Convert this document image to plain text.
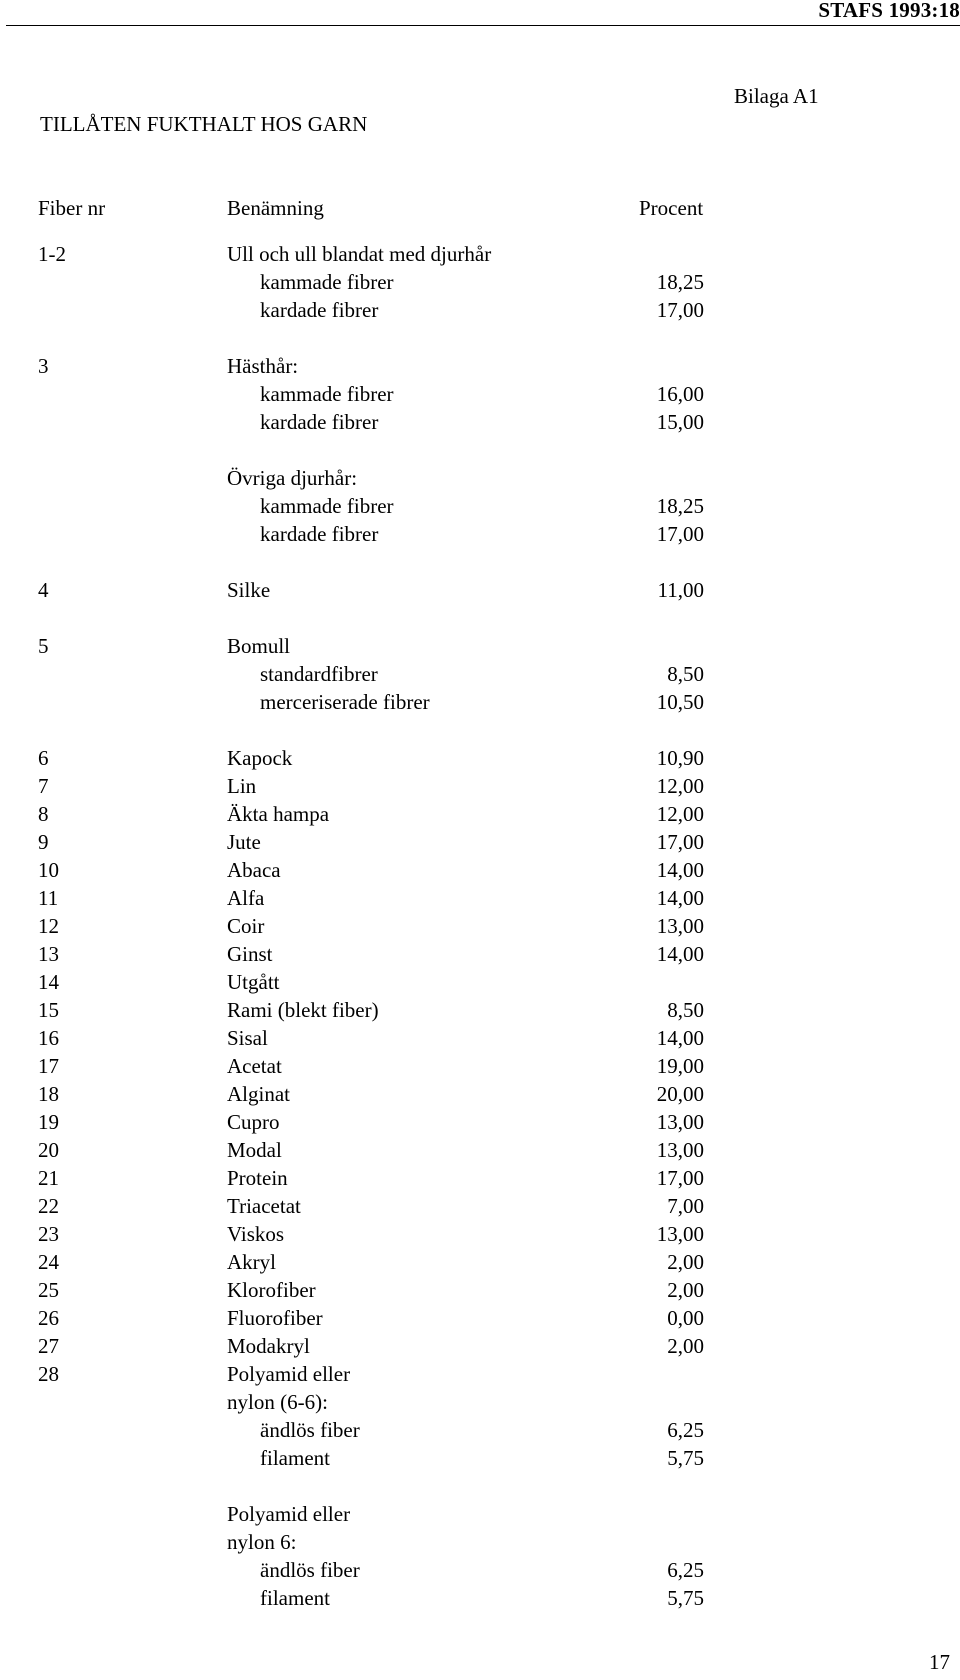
STAFS 1993:18
Bilaga A1
TILLÅTEN FUKTHALT HOS GARN
Fiber nr	Benämning	Procent
1-2	Ull och ull blandat med djurhår
kammade fibrer	18,25
kardade fibrer	17,00
3	Hästhår:
kammade fibrer	16,00
kardade fibrer	15,00
Övriga djurhår:
kammade fibrer	18,25
kardade fibrer	17,00
4	Silke	11,00
5	Bomull
standardfibrer	8,50
merceriserade fibrer	10,50
6	Kapock	10,90
7	Lin	12,00
8	Äkta hampa	12,00
9	Jute	17,00
10	Abaca	14,00
11	Alfa	14,00
12	Coir	13,00
13	Ginst	14,00
14	Utgått
15	Rami (blekt fiber)	8,50
16	Sisal	14,00
17	Acetat	19,00
18	Alginat	20,00
19	Cupro	13,00
20	Modal	13,00
21	Protein	17,00
22	Triacetat	7,00
23	Viskos	13,00
24	Akryl	2,00
25	Klorofiber	2,00
26	Fluorofiber	0,00
27	Modakryl	2,00
28	Polyamid eller
nylon (6-6):
ändlös fiber	6,25
filament	5,75
Polyamid eller
nylon 6:
ändlös fiber	6,25
filament	5,75
17
